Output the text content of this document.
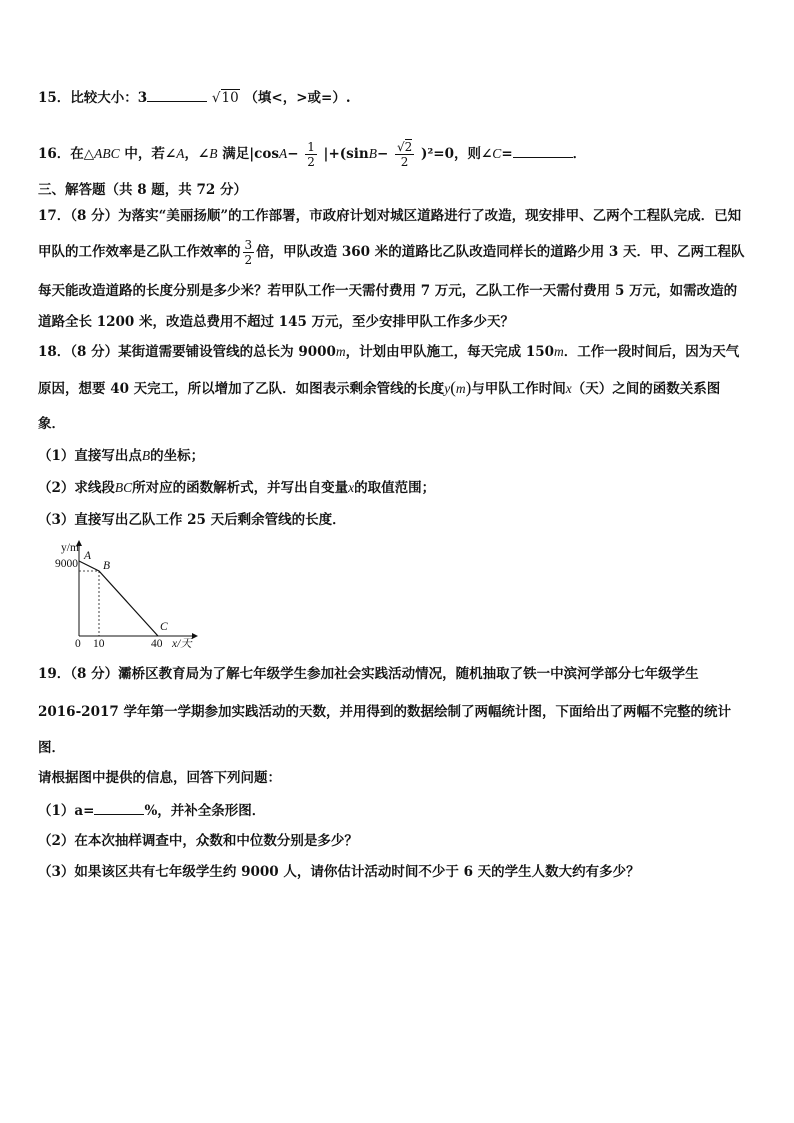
15．比较大小：3	√10 （填<，>或=）.
16．在△ABC 中，若∠A，∠B 满足$|\cos A- \frac{1}{2} |+(\sin B- \frac{√2}{2} )^2=0$，则∠C=	．
三、解答题（共 8 题，共 72 分）
17．（8 分）为落实“美丽扬顺”的工作部署，市政府计划对城区道路进行了改造，现安排甲、乙两个工程队完成．已知
甲队的工作效率是乙队工作效率的 $\frac{3}{2}$ 倍，甲队改造 360 米的道路比乙队改造同样长的道路少用 3 天．甲、乙两工程队
每天能改造道路的长度分别是多少米？若甲队工作一天需付费用 7 万元，乙队工作一天需付费用 5 万元，如需改造的
道路全长 1200 米，改造总费用不超过 145 万元，至少安排甲队工作多少天？
18．（8 分）某街道需要铺设管线的总长为 9000m，计划由甲队施工，每天完成 150m．工作一段时间后，因为天气
原因，想要 40 天完工，所以增加了乙队．如图表示剩余管线的长度y(m)与甲队工作时间x（天）之间的函数关系图
象．
（1）直接写出点B的坐标；
（2）求线段BC所对应的函数解析式，并写出自变量x的取值范围；
（3）直接写出乙队工作 25 天后剩余管线的长度．
y/m
9000
A
B
C
0 10	40 x/天
19．（8 分）灞桥区教育局为了解七年级学生参加社会实践活动情况，随机抽取了铁一中滨河学部分七年级学生
2016-2017 学年第一学期参加实践活动的天数，并用得到的数据绘制了两幅统计图，下面给出了两幅不完整的统计
图．
请根据图中提供的信息，回答下列问题：
（1）a=	%，并补全条形图．
（2）在本次抽样调查中，众数和中位数分别是多少？
（3）如果该区共有七年级学生约 9000 人，请你估计活动时间不少于 6 天的学生人数大约有多少？
